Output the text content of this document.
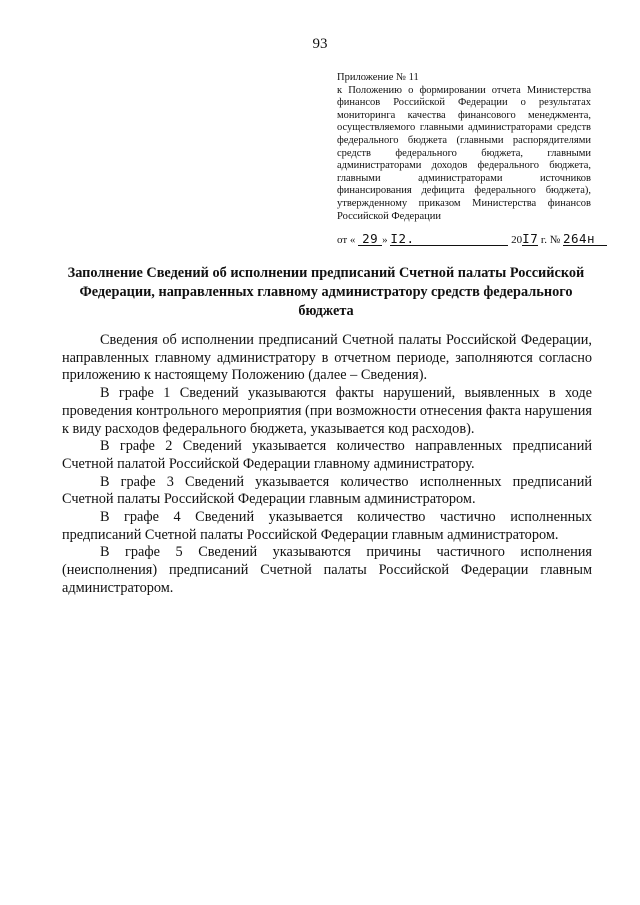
93
Приложение № 11
к Положению о формировании отчета Министерства финансов Российской Федерации о результатах мониторинга качества финансового менеджмента, осуществляемого главными администраторами средств федерального бюджета (главными распорядителями средств федерального бюджета, главными администраторами доходов федерального бюджета, главными администраторами источников финансирования дефицита федерального бюджета), утвержденному приказом Министерства финансов Российской Федерации
от « 29 » I2.	20I7 г. № 264н
Заполнение Сведений об исполнении предписаний Счетной палаты Российской Федерации, направленных главному администратору средств федерального бюджета

Сведения об исполнении предписаний Счетной палаты Российской Федерации, направленных главному администратору в отчетном периоде, заполняются согласно приложению к настоящему Положению (далее – Сведения).

В графе 1 Сведений указываются факты нарушений, выявленных в ходе проведения контрольного мероприятия (при возможности отнесения факта нарушения к виду расходов федерального бюджета, указывается код расходов).

В графе 2 Сведений указывается количество направленных предписаний Счетной палатой Российской Федерации главному администратору.

В графе 3 Сведений указывается количество исполненных предписаний Счетной палаты Российской Федерации главным администратором.

В графе 4 Сведений указывается количество частично исполненных предписаний Счетной палаты Российской Федерации главным администратором.

В графе 5 Сведений указываются причины частичного исполнения (неисполнения) предписаний Счетной палаты Российской Федерации главным администратором.
